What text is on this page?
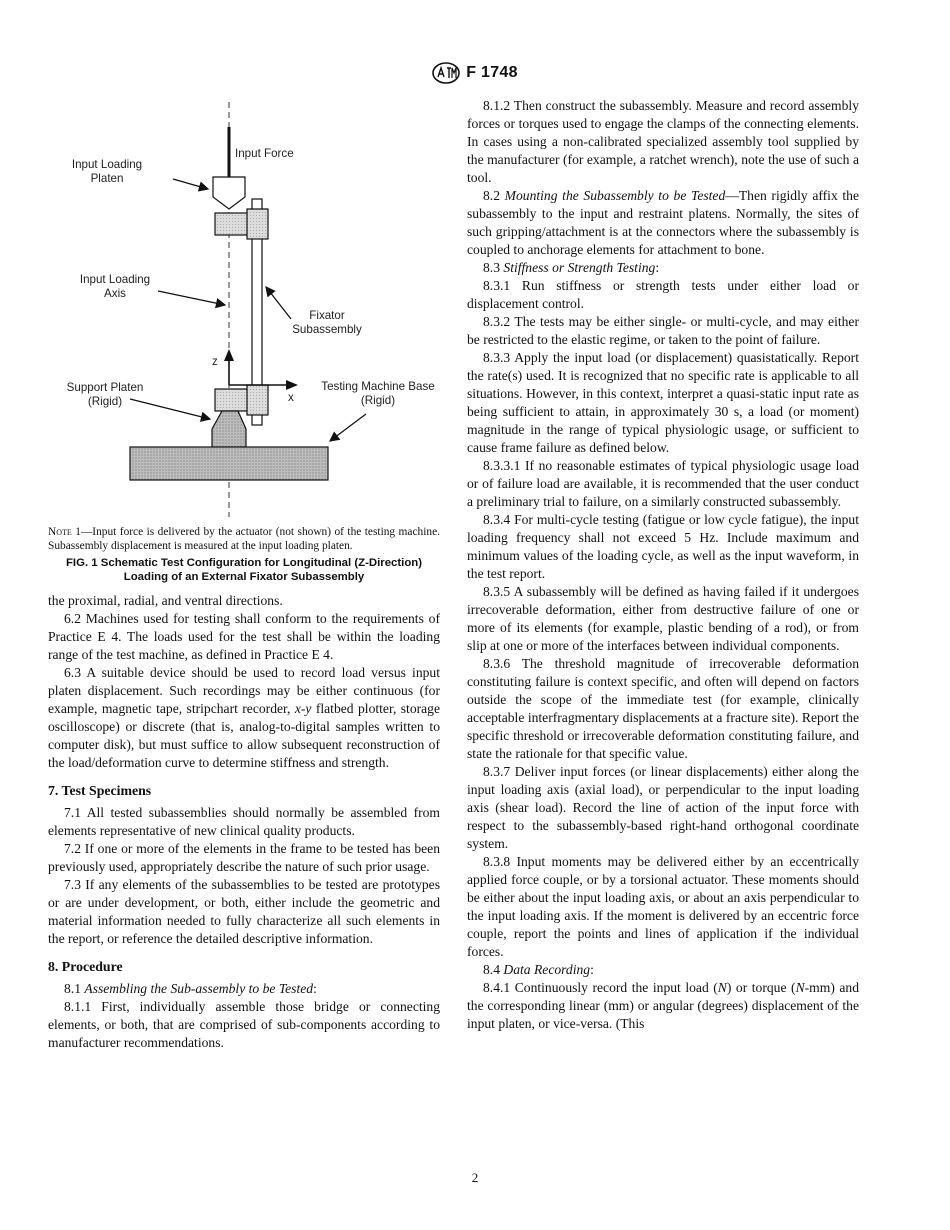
F 1748
Input Force
Input Loading Platen
Input Loading Axis
Fixator Subassembly
z
x
Support Platen (Rigid)
Testing Machine Base (Rigid)
Note 1—Input force is delivered by the actuator (not shown) of the testing machine. Subassembly displacement is measured at the input loading platen.
FIG. 1 Schematic Test Configuration for Longitudinal (Z-Direction) Loading of an External Fixator Subassembly

the proximal, radial, and ventral directions.

6.2 Machines used for testing shall conform to the requirements of Practice E 4. The loads used for the test shall be within the loading range of the test machine, as defined in Practice E 4.

6.3 A suitable device should be used to record load versus input platen displacement. Such recordings may be either continuous (for example, magnetic tape, stripchart recorder, x-y flatbed plotter, storage oscilloscope) or discrete (that is, analog-to-digital samples written to computer disk), but must suffice to allow subsequent reconstruction of the load/deformation curve to determine stiffness and strength.

7. Test Specimens

7.1 All tested subassemblies should normally be assembled from elements representative of new clinical quality products.

7.2 If one or more of the elements in the frame to be tested has been previously used, appropriately describe the nature of such prior usage.

7.3 If any elements of the subassemblies to be tested are prototypes or are under development, or both, either include the geometric and material information needed to fully characterize all such elements in the report, or reference the detailed descriptive information.

8. Procedure

8.1 Assembling the Sub-assembly to be Tested:

8.1.1 First, individually assemble those bridge or connecting elements, or both, that are comprised of sub-components according to manufacturer recommendations.

8.1.2 Then construct the subassembly. Measure and record assembly forces or torques used to engage the clamps of the connecting elements. In cases using a non-calibrated specialized assembly tool supplied by the manufacturer (for example, a ratchet wrench), note the use of such a tool.

8.2 Mounting the Subassembly to be Tested—Then rigidly affix the subassembly to the input and restraint platens. Normally, the sites of such gripping/attachment is at the connectors where the subassembly is coupled to anchorage elements for attachment to bone.

8.3 Stiffness or Strength Testing:

8.3.1 Run stiffness or strength tests under either load or displacement control.

8.3.2 The tests may be either single- or multi-cycle, and may either be restricted to the elastic regime, or taken to the point of failure.

8.3.3 Apply the input load (or displacement) quasistatically. Report the rate(s) used. It is recognized that no specific rate is applicable to all situations. However, in this context, interpret a quasi-static input rate as being sufficient to attain, in approximately 30 s, a load (or moment) magnitude in the range of typical physiologic usage, or sufficient to cause frame failure as defined below.

8.3.3.1 If no reasonable estimates of typical physiologic usage load or of failure load are available, it is recommended that the user conduct a preliminary trial to failure, on a similarly constructed subassembly.

8.3.4 For multi-cycle testing (fatigue or low cycle fatigue), the input loading frequency shall not exceed 5 Hz. Include maximum and minimum values of the loading cycle, as well as the input waveform, in the test report.

8.3.5 A subassembly will be defined as having failed if it undergoes irrecoverable deformation, either from destructive failure of one or more of its elements (for example, plastic bending of a rod), or from slip at one or more of the interfaces between individual components.

8.3.6 The threshold magnitude of irrecoverable deformation constituting failure is context specific, and often will depend on factors outside the scope of the immediate test (for example, clinically acceptable interfragmentary displacements at a fracture site). Report the specific threshold or irrecoverable deformation constituting failure, and state the rationale for that specific value.

8.3.7 Deliver input forces (or linear displacements) either along the input loading axis (axial load), or perpendicular to the input loading axis (shear load). Record the line of action of the input force with respect to the subassembly-based right-hand orthogonal coordinate system.

8.3.8 Input moments may be delivered either by an eccentrically applied force couple, or by a torsional actuator. These moments should be either about the input loading axis, or about an axis perpendicular to the input loading axis. If the moment is delivered by an eccentric force couple, report the points and lines of application if the individual forces.

8.4 Data Recording:

8.4.1 Continuously record the input load (N) or torque (N-mm) and the corresponding linear (mm) or angular (degrees) displacement of the input platen, or vice-versa. (This

2
